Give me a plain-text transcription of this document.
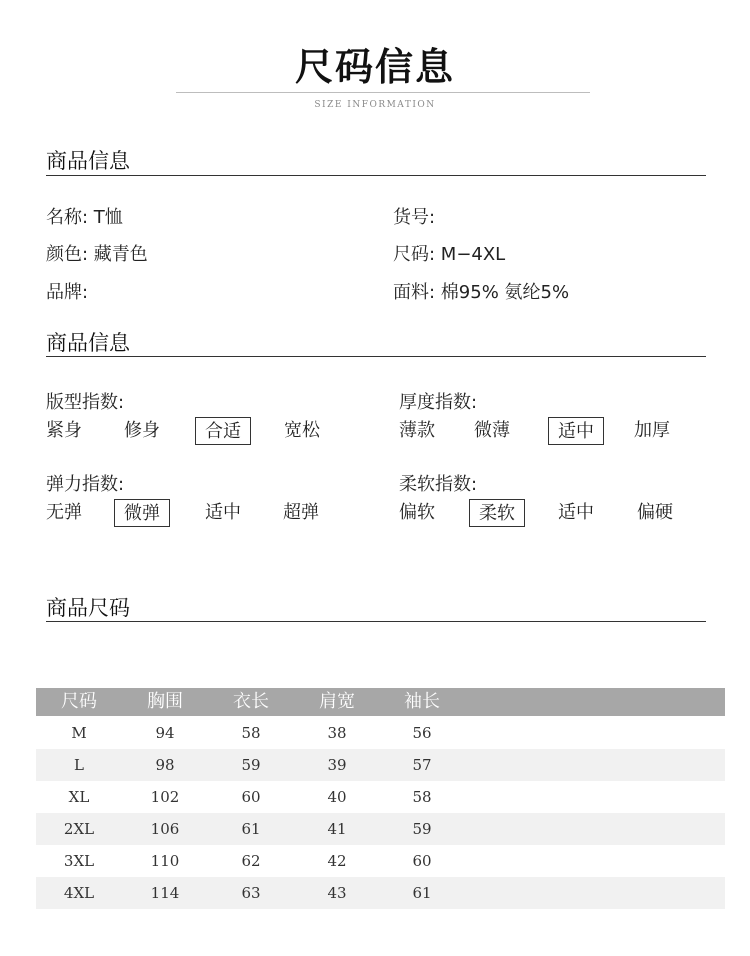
尺码信息
SIZE INFORMATION
商品信息
名称: T恤	货号:
颜色: 藏青色	尺码: M−4XL
品牌:	面料: 棉95% 氨纶5%
商品信息
版型指数:
紧身 修身	合适	宽松
厚度指数:
薄款 微薄	适中	加厚
弹力指数:
无弹	微弹	适中 超弹
柔软指数:
偏软	柔软	适中 偏硬
商品尺码
尺码	胸围	衣长	肩宽	袖长
M	94	58	38	56
L	98	59	39	57
XL	102	60	40	58
2XL	106	61	41	59
3XL	110	62	42	60
4XL	114	63	43	61
